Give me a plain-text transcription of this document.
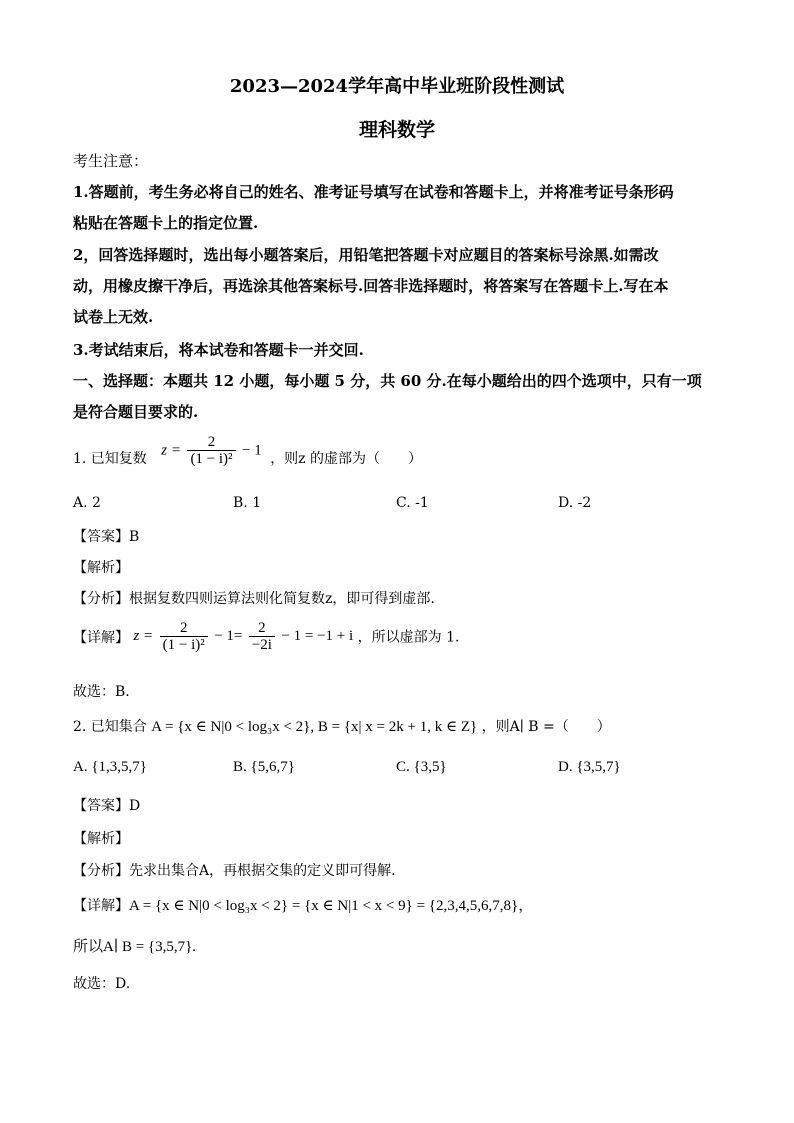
2023—2024学年高中毕业班阶段性测试
理科数学
考生注意：
1.答题前，考生务必将自己的姓名、准考证号填写在试卷和答题卡上，并将准考证号条形码
粘贴在答题卡上的指定位置.
2，回答选择题时，选出每小题答案后，用铅笔把答题卡对应题目的答案标号涂黑.如需改
动，用橡皮擦干净后，再选涂其他答案标号.回答非选择题时，将答案写在答题卡上.写在本
试卷上无效.
3.考试结束后，将本试卷和答题卡一并交回.
一、选择题：本题共 12 小题，每小题 5 分，共 60 分.在每小题给出的四个选项中，只有一项
是符合题目要求的.
1. 已知复数 $z = \frac{2}{\text{(1 − i)²}} - 1$ ，则z 的虚部为（　　）
A. 2	B. 1	C. -1	D. -2
【答案】B
【解析】
【分析】根据复数四则运算法则化简复数z，即可得到虚部.
【详解】 $z = \frac{2}{\text{(1 − i)²}} - 1= \frac{2}{-2i} - 1 = -1 + i$ ，所以虚部为 1.
故选：B.
2. 已知集合 A = {x ∈ N|0 < log₃x < 2}, B = {x| x = 2k + 1, k ∈ Z} ，则A∣ B =（　　）
A. {1,3,5,7}	B. {5,6,7}	C. {3,5}	D. {3,5,7}
【答案】D
【解析】
【分析】先求出集合A，再根据交集的定义即可得解.
【详解】A = {x ∈ N|0 < log₃x < 2} = {x ∈ N|1 < x < 9} = {2,3,4,5,6,7,8}，
所以A∣ B = {3,5,7}.
故选：D.
